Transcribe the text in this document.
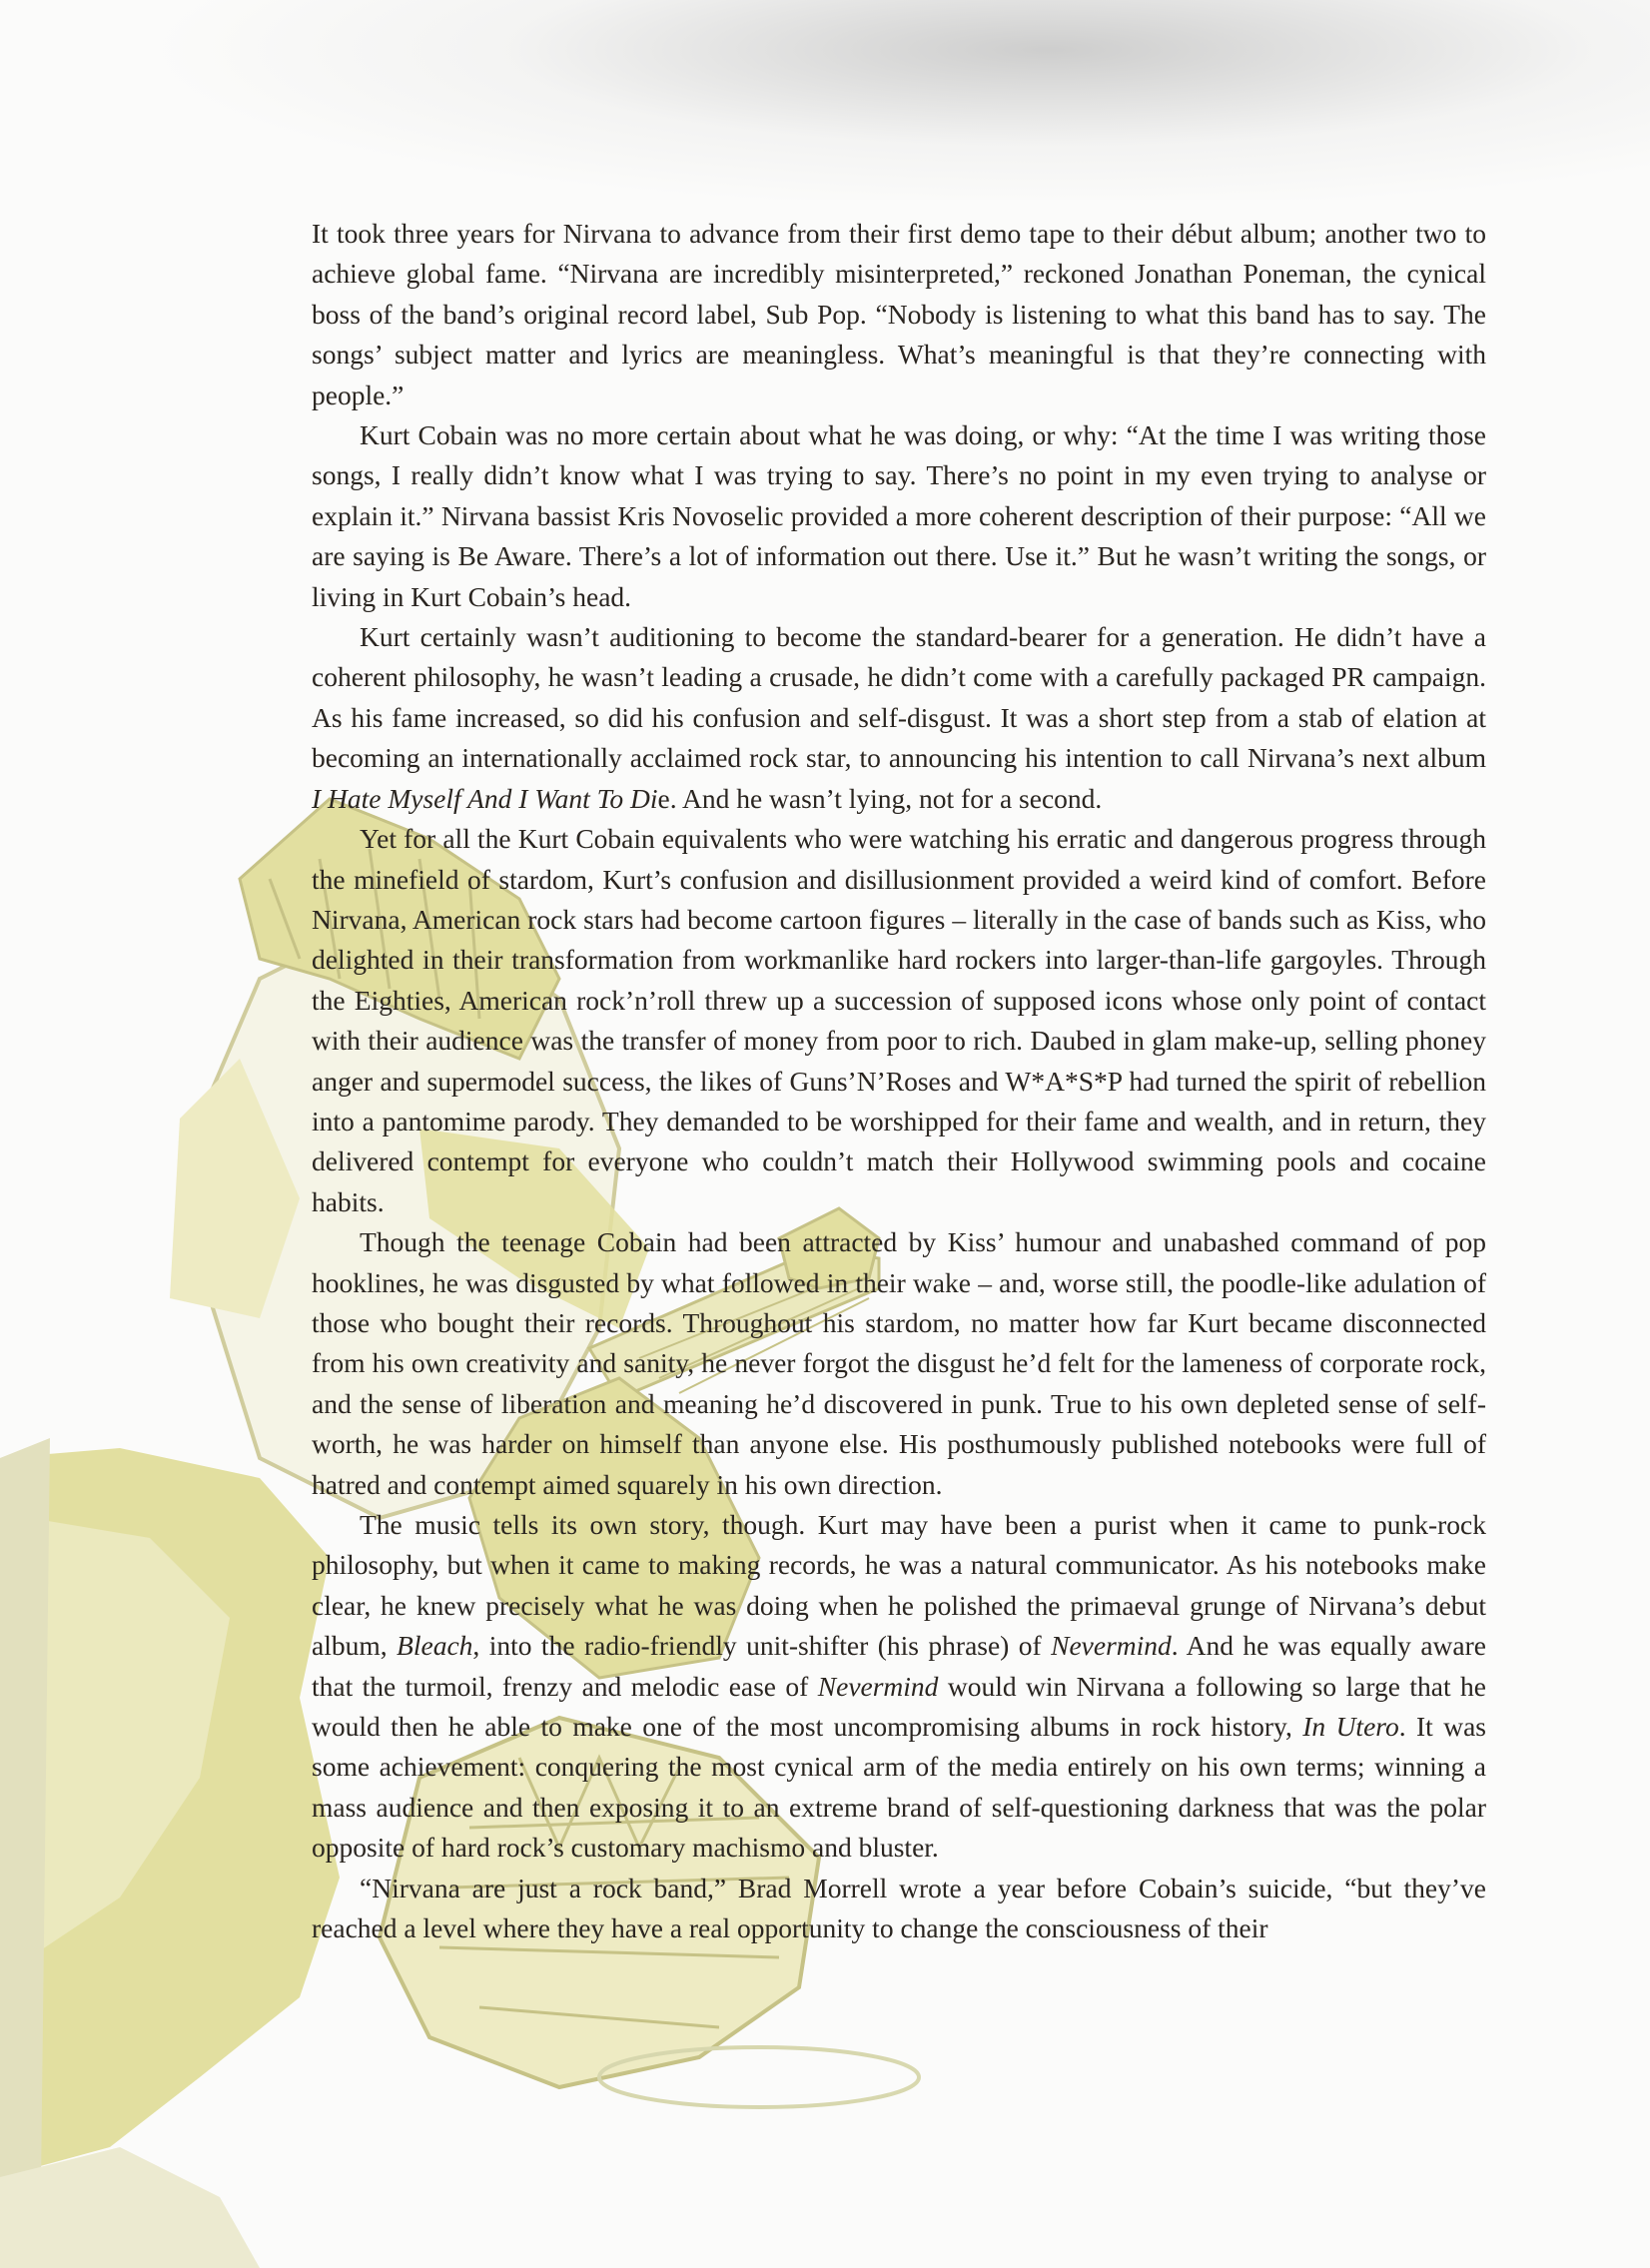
It took three years for Nirvana to advance from their first demo tape to their début album; another two to achieve global fame. “Nirvana are incredibly misinterpreted,” reckoned Jonathan Poneman, the cynical boss of the band’s original record label, Sub Pop. “Nobody is listening to what this band has to say. The songs’ subject matter and lyrics are meaningless. What’s meaningful is that they’re connecting with people.”

Kurt Cobain was no more certain about what he was doing, or why: “At the time I was writing those songs, I really didn’t know what I was trying to say. There’s no point in my even trying to analyse or explain it.” Nirvana bassist Kris Novoselic provided a more coherent description of their purpose: “All we are saying is Be Aware. There’s a lot of information out there. Use it.” But he wasn’t writing the songs, or living in Kurt Cobain’s head.

Kurt certainly wasn’t auditioning to become the standard-bearer for a generation. He didn’t have a coherent philosophy, he wasn’t leading a crusade, he didn’t come with a carefully packaged PR campaign. As his fame increased, so did his confusion and self-disgust. It was a short step from a stab of elation at becoming an internationally acclaimed rock star, to announcing his intention to call Nirvana’s next album I Hate Myself And I Want To Die. And he wasn’t lying, not for a second.

Yet for all the Kurt Cobain equivalents who were watching his erratic and dangerous progress through the minefield of stardom, Kurt’s confusion and disillusionment provided a weird kind of comfort. Before Nirvana, American rock stars had become cartoon figures – literally in the case of bands such as Kiss, who delighted in their transformation from workmanlike hard rockers into larger-than-life gargoyles. Through the Eighties, American rock’n’roll threw up a succession of supposed icons whose only point of contact with their audience was the transfer of money from poor to rich. Daubed in glam make-up, selling phoney anger and supermodel success, the likes of Guns’N’Roses and W*A*S*P had turned the spirit of rebellion into a pantomime parody. They demanded to be worshipped for their fame and wealth, and in return, they delivered contempt for everyone who couldn’t match their Hollywood swimming pools and cocaine habits.

Though the teenage Cobain had been attracted by Kiss’ humour and unabashed command of pop hooklines, he was disgusted by what followed in their wake – and, worse still, the poodle-like adulation of those who bought their records. Throughout his stardom, no matter how far Kurt became disconnected from his own creativity and sanity, he never forgot the disgust he’d felt for the lameness of corporate rock, and the sense of liberation and meaning he’d discovered in punk. True to his own depleted sense of self-worth, he was harder on himself than anyone else. His posthumously published notebooks were full of hatred and contempt aimed squarely in his own direction.

The music tells its own story, though. Kurt may have been a purist when it came to punk-rock philosophy, but when it came to making records, he was a natural communicator. As his notebooks make clear, he knew precisely what he was doing when he polished the primaeval grunge of Nirvana’s debut album, Bleach, into the radio-friendly unit-shifter (his phrase) of Nevermind. And he was equally aware that the turmoil, frenzy and melodic ease of Nevermind would win Nirvana a following so large that he would then he able to make one of the most uncompromising albums in rock history, In Utero. It was some achievement: conquering the most cynical arm of the media entirely on his own terms; winning a mass audience and then exposing it to an extreme brand of self-questioning darkness that was the polar opposite of hard rock’s customary machismo and bluster.

“Nirvana are just a rock band,” Brad Morrell wrote a year before Cobain’s suicide, “but they’ve reached a level where they have a real opportunity to change the consciousness of their
